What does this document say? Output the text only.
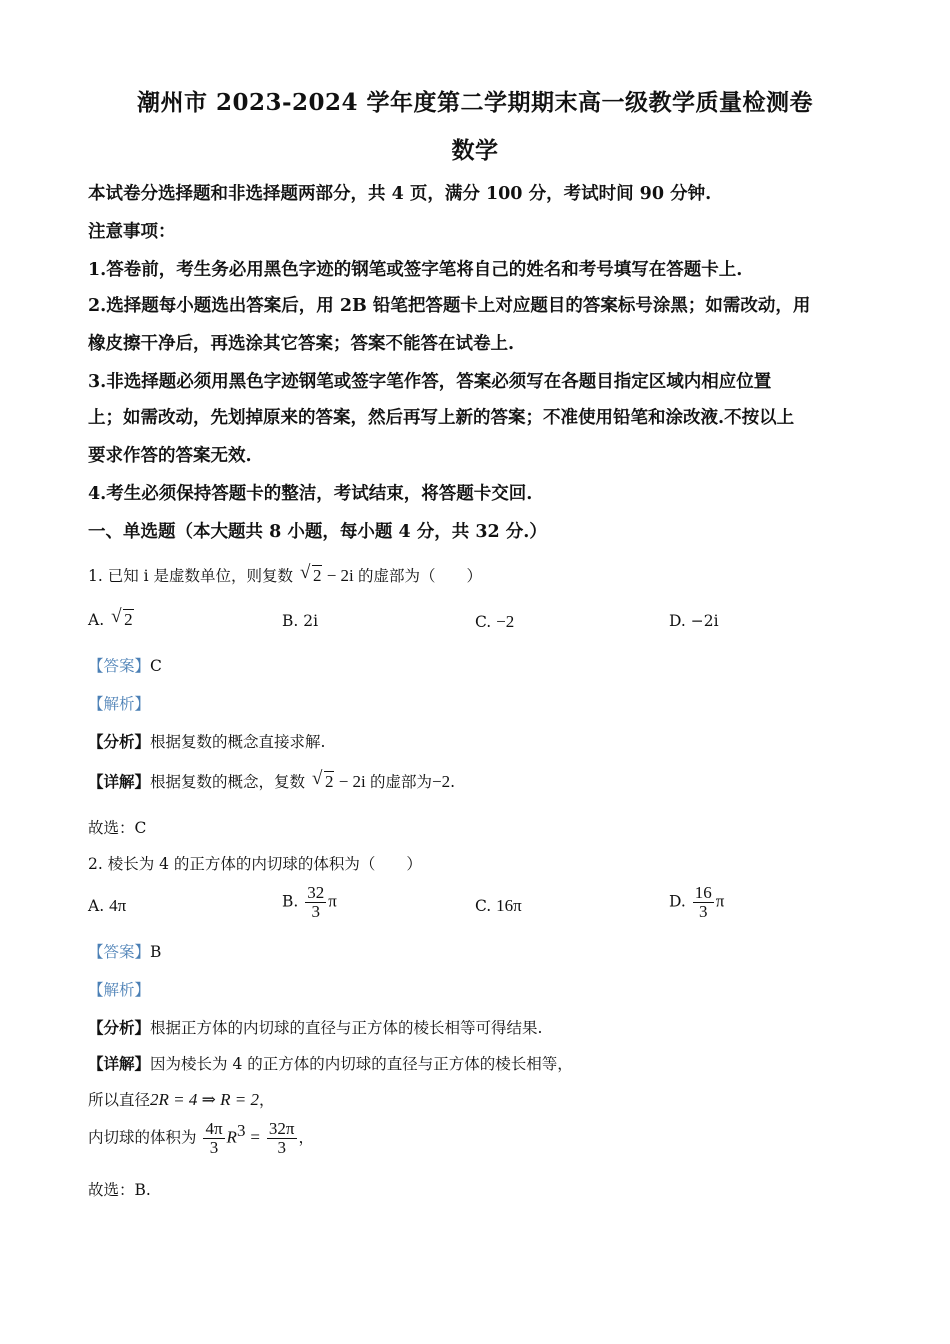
潮州市 2023-2024 学年度第二学期期末高一级教学质量检测卷
数学
本试卷分选择题和非选择题两部分，共 4 页，满分 100 分，考试时间 90 分钟.
注意事项：
1.答卷前，考生务必用黑色字迹的钢笔或签字笔将自己的姓名和考号填写在答题卡上.
2.选择题每小题选出答案后，用 2B 铅笔把答题卡上对应题目的答案标号涂黑；如需改动，用
橡皮擦干净后，再选涂其它答案；答案不能答在试卷上.
3.非选择题必须用黑色字迹钢笔或签字笔作答，答案必须写在各题目指定区域内相应位置
上；如需改动，先划掉原来的答案，然后再写上新的答案；不准使用铅笔和涂改液.不按以上
要求作答的答案无效.
4.考生必须保持答题卡的整洁，考试结束，将答题卡交回.
一、单选题（本大题共 8 小题，每小题 4 分，共 32 分.）
1. 已知 i 是虚数单位，则复数 √ 2 − 2i 的虚部为（　　）
A. √ 2	B. 2i	C. −2	D. −2i
【答案】C
【解析】
【分析】根据复数的概念直接求解.
【详解】根据复数的概念，复数 √ 2 − 2i 的虚部为−2.
故选：C
2. 棱长为 4 的正方体的内切球的体积为（　　）
A. 4π	B. $\frac{32}{3}$ π	C. 16π	D. $\frac{16}{3}$ π
【答案】B
【解析】
【分析】根据正方体的内切球的直径与正方体的棱长相等可得结果.
【详解】因为棱长为 4 的正方体的内切球的直径与正方体的棱长相等，
所以直径2R = 4 ⇒ R = 2，
内切球的体积为 $\frac{4\pi}{3} R^3 = \frac{32\pi}{3}$ ，
故选：B.
